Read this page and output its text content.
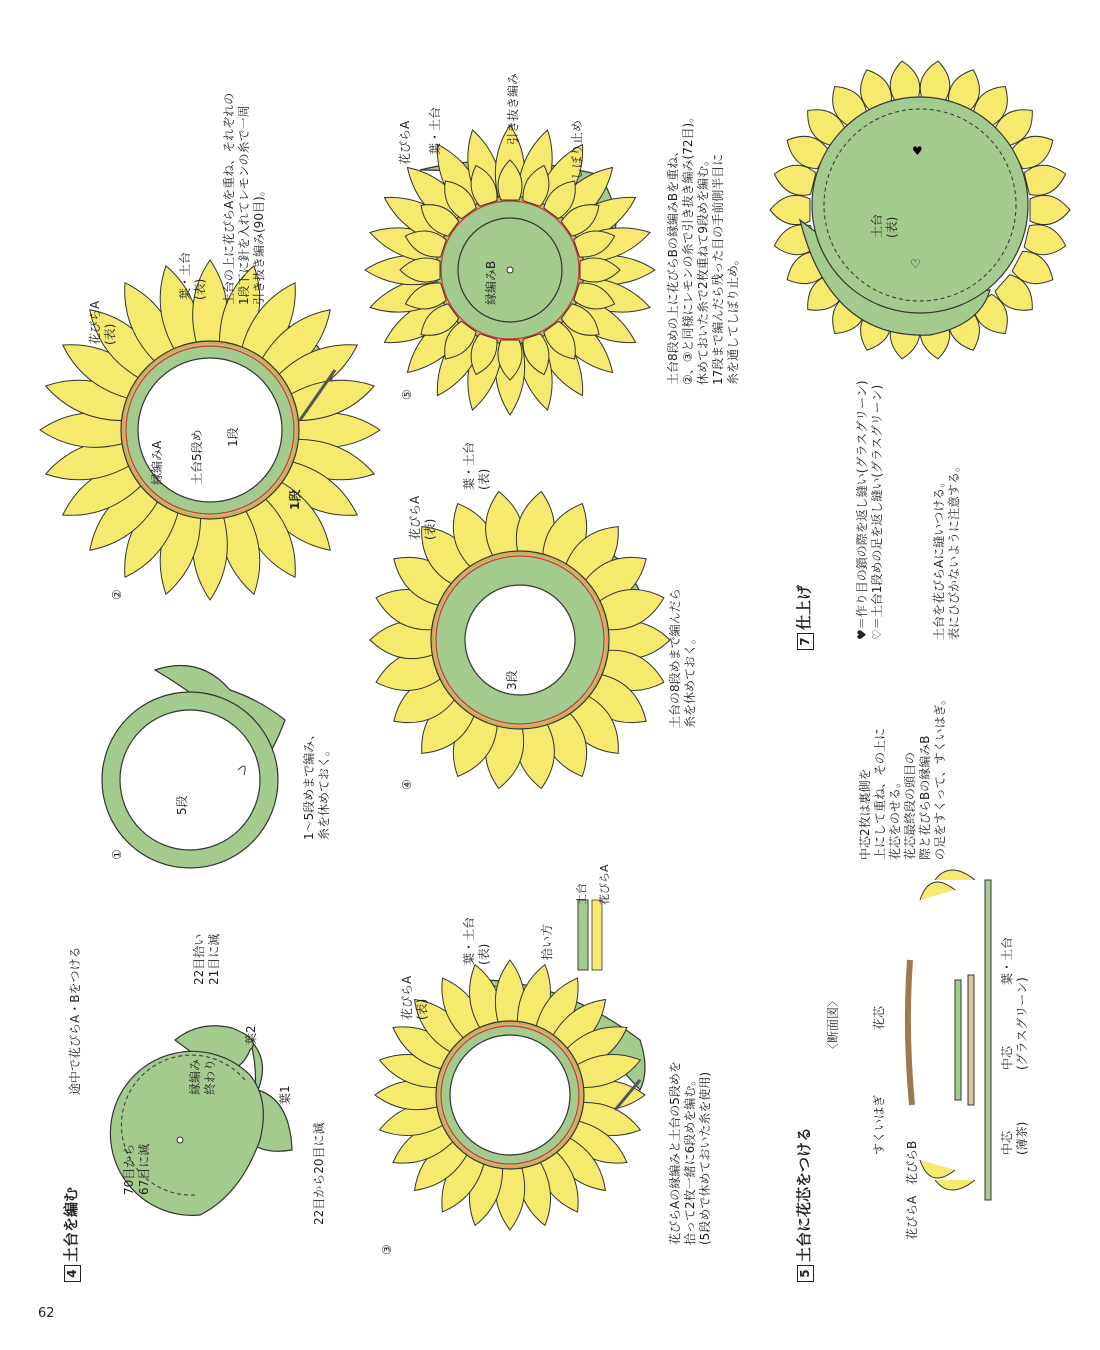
♥
♡
62
4土台を編む
途中で花びらA・Bをつける
70目から 67目に減
縁編み 終わり
22目拾い 21目に減
葉2
葉1
22目から20目に減
①
5段	1〜5段めまで編み、 糸を休めておく。
②
花びらA (表)
葉・土台 (表)
縁編みA 土台5段め 1段
1段
土台の上に花びらAを重ね、それぞれの 1段下に針を入れてレモンの糸で一周 引き抜き編み(90目)。
③
花びらA (表)
葉・土台 (表)	拾い方
土台 花びらA
花びらAの縁編みと土台の5段めを 拾って2枚一緒に6段めを編む。 (5段めで休めておいた糸を使用)
④
花びらA (表)
葉・土台 (表)
3段	土台の8段めまで編んだら 糸を休めておく。
⑤
花びらA 葉・土台	引き抜き編み
しぼり止め
縁編みB	土台8段めの上に花びらBの縁編みBを重ね、 ②、③と同様にレモンの糸で引き抜き編み(72目)。 休めておいた糸で2枚重ねて9段めを編む。 17段まで編んだら残った目の手前側半目に 糸を通してしぼり止め。
5土台に花芯をつける
〈断面図〉	花芯
すくいはぎ
花びらB
花びらA
中芯 (薄茶)
中芯 (グラスグリーン)
葉・土台
中芯2枚は裏側を 上にして重ね、その上に 花芯をのせる。 花芯最終段の頭目の 際と花びらBの縁編みB の足をすくって、すくいはぎ。
7仕上げ	♥＝作り目の鎖の際を返し縫い(グラスグリーン) ♡＝土台1段めの足を返し縫い(グラスグリーン)	土台を花びらAに縫いつける。 表にひびかないように注意する。
土台 (表)
